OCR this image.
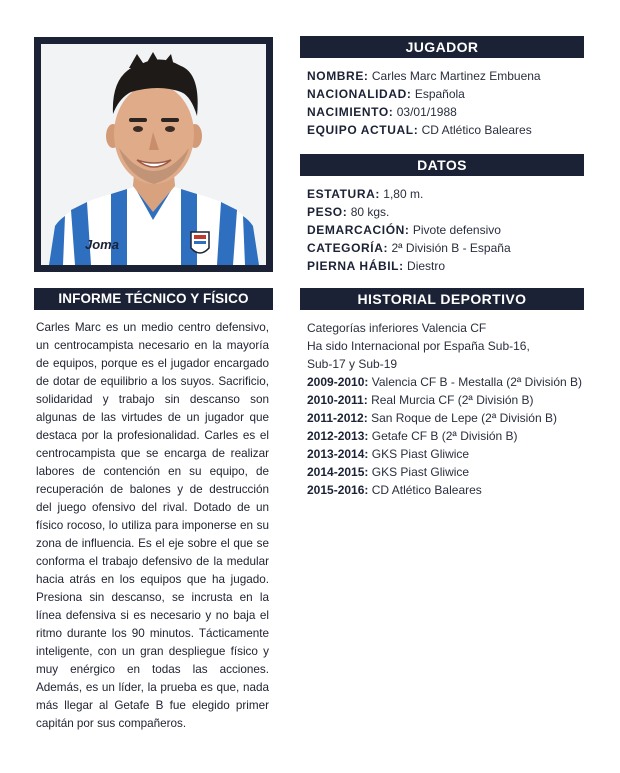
Joma
JUGADOR
NOMBRE: Carles Marc Martinez Embuena
NACIONALIDAD: Española
NACIMIENTO: 03/01/1988
EQUIPO ACTUAL: CD Atlético Baleares
DATOS
ESTATURA: 1,80 m.
PESO: 80 kgs.
DEMARCACIÓN: Pivote defensivo
CATEGORÍA: 2ª División B - España
PIERNA HÁBIL: Diestro
INFORME TÉCNICO Y FÍSICO
Carles Marc es un medio centro defensivo, un centrocampista necesario en la mayoría de equipos, porque es el jugador encargado de dotar de equilibrio a los suyos. Sacrificio, solidaridad y trabajo sin descanso son algunas de las virtudes de un jugador que destaca por la profesionalidad. Carles es el centrocampista que se encarga de realizar labores de contención en su equipo, de recuperación de balones y de destrucción del juego ofensivo del rival. Dotado de un físico rocoso, lo utiliza para imponerse en su zona de influencia. Es el eje sobre el que se conforma el trabajo defensivo de la medular hacia atrás en los equipos que ha jugado. Presiona sin descanso, se incrusta en la línea defensiva si es necesario y no baja el ritmo durante los 90 minutos. Tácticamente inteligente, con un gran despliegue físico y muy enérgico en todas las acciones. Además, es un líder, la prueba es que, nada más llegar al Getafe B fue elegido primer capitán por sus compañeros.
HISTORIAL DEPORTIVO
Categorías inferiores Valencia CF
Ha sido Internacional por España Sub-16,
Sub-17 y Sub-19
2009-2010: Valencia CF B - Mestalla (2ª División B)
2010-2011: Real Murcia CF (2ª División B)
2011-2012: San Roque de Lepe (2ª División B)
2012-2013: Getafe CF B (2ª División B)
2013-2014: GKS Piast Gliwice
2014-2015: GKS Piast Gliwice
2015-2016: CD Atlético Baleares
